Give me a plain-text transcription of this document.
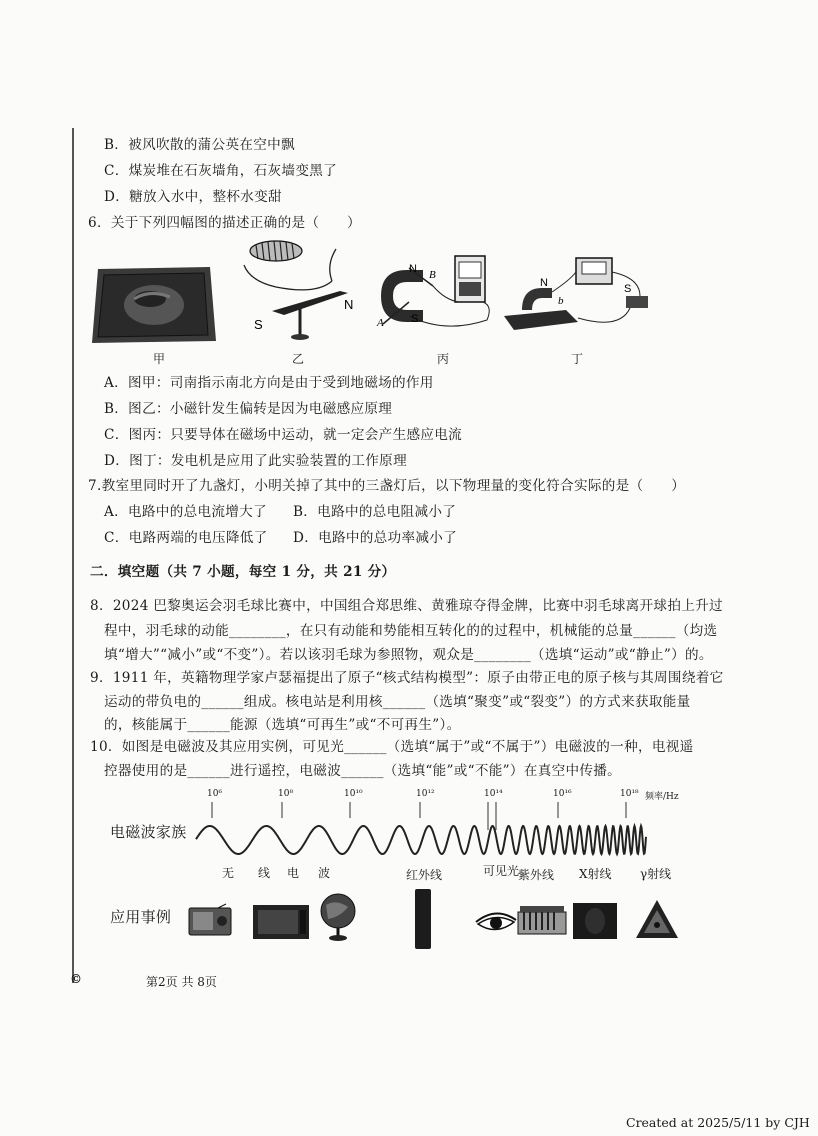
B．被风吹散的蒲公英在空中飘
C．煤炭堆在石灰墙角，石灰墙变黑了
D．糖放入水中，整杯水变甜
6．关于下列四幅图的描述正确的是（　　）
N
S
N B
S
A
N
b
S
甲	乙	丙	丁
A．图甲：司南指示南北方向是由于受到地磁场的作用
B．图乙：小磁针发生偏转是因为电磁感应原理
C．图丙：只要导体在磁场中运动，就一定会产生感应电流
D．图丁：发电机是应用了此实验装置的工作原理
7.教室里同时开了九盏灯，小明关掉了其中的三盏灯后，以下物理量的变化符合实际的是（　　）
A．电路中的总电流增大了 B．电路中的总电阻减小了
C．电路两端的电压降低了 D．电路中的总功率减小了
二．填空题（共 7 小题，每空 1 分，共 21 分）
8．2024 巴黎奥运会羽毛球比赛中，中国组合郑思维、黄雅琼夺得金牌，比赛中羽毛球离开球拍上升过
程中，羽毛球的动能________，在只有动能和势能相互转化的的过程中，机械能的总量______（均选
填“增大”“减小”或“不变”）。若以该羽毛球为参照物，观众是________（选填“运动”或“静止”）的。
9．1911 年，英籍物理学家卢瑟福提出了原子“核式结构模型”：原子由带正电的原子核与其周围绕着它
运动的带负电的______组成。核电站是利用核______（选填“聚变”或“裂变”）的方式来获取能量
的，核能属于______能源（选填“可再生”或“不可再生”）。
10．如图是电磁波及其应用实例，可见光______（选填“属于”或“不属于”）电磁波的一种，电视遥
控器使用的是______进行遥控，电磁波______（选填“能”或“不能”）在真空中传播。
10⁶	10⁸	10¹⁰	10¹²	10¹⁴	10¹⁶	10¹⁸ 频率/Hz
电磁波家族
无 线 电 波	红外线	可见光
紫外线 X射线 γ射线
应用事例
©	第2页 共 8页
Created at 2025/5/11 by CJH
